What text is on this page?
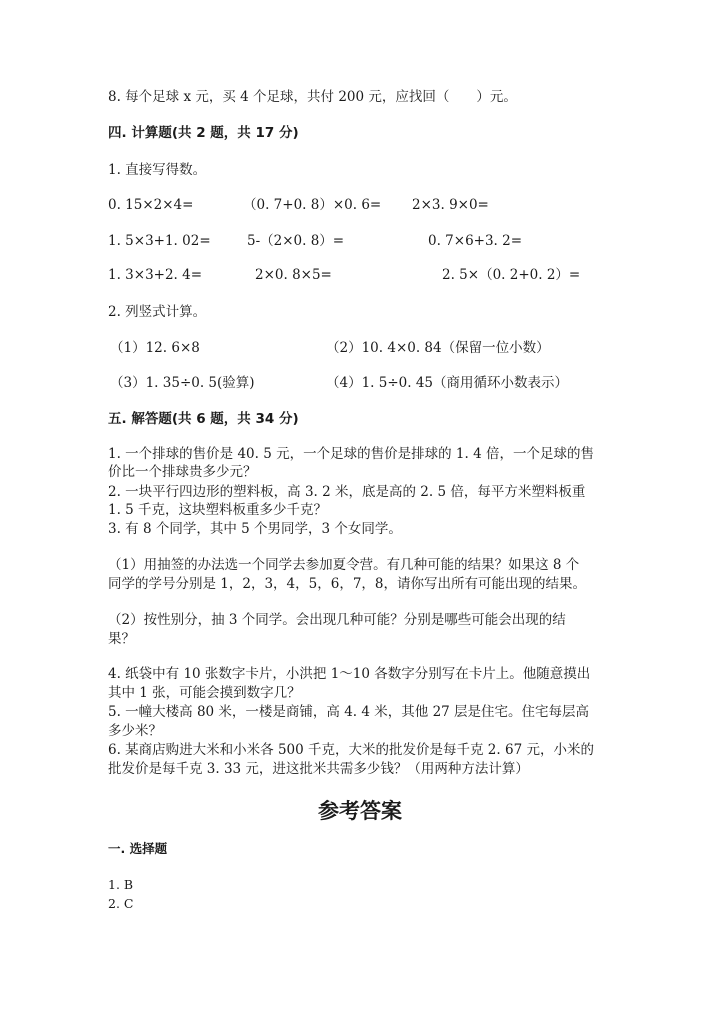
8. 每个足球 x 元，买 4 个足球，共付 200 元，应找回（　　）元。
四. 计算题(共 2 题，共 17 分)
1. 直接写得数。
0. 15×2×4=	（0. 7+0. 8）×0. 6= 2×3. 9×0=
1. 5×3+1. 02=	5-（2×0. 8）=	0. 7×6+3. 2=
1. 3×3+2. 4=	2×0. 8×5=	2. 5×（0. 2+0. 2）=
2. 列竖式计算。
（1）12. 6×8	（2）10. 4×0. 84（保留一位小数）
（3）1. 35÷0. 5(验算)	（4）1. 5÷0. 45（商用循环小数表示）
五. 解答题(共 6 题，共 34 分)
1. 一个排球的售价是 40. 5 元，一个足球的售价是排球的 1. 4 倍，一个足球的售
价比一个排球贵多少元？
2. 一块平行四边形的塑料板，高 3. 2 米，底是高的 2. 5 倍，每平方米塑料板重
1. 5 千克，这块塑料板重多少千克？
3. 有 8 个同学，其中 5 个男同学，3 个女同学。
（1）用抽签的办法选一个同学去参加夏令营。有几种可能的结果？如果这 8 个
同学的学号分别是 1，2，3，4，5，6，7，8，请你写出所有可能出现的结果。
（2）按性别分，抽 3 个同学。会出现几种可能？分别是哪些可能会出现的结
果？
4. 纸袋中有 10 张数字卡片，小洪把 1～10 各数字分别写在卡片上。他随意摸出
其中 1 张，可能会摸到数字几？
5. 一幢大楼高 80 米，一楼是商铺，高 4. 4 米，其他 27 层是住宅。住宅每层高
多少米？
6. 某商店购进大米和小米各 500 千克，大米的批发价是每千克 2. 67 元，小米的
批发价是每千克 3. 33 元，进这批米共需多少钱？（用两种方法计算）
参考答案
一. 选择题
1. B
2. C
